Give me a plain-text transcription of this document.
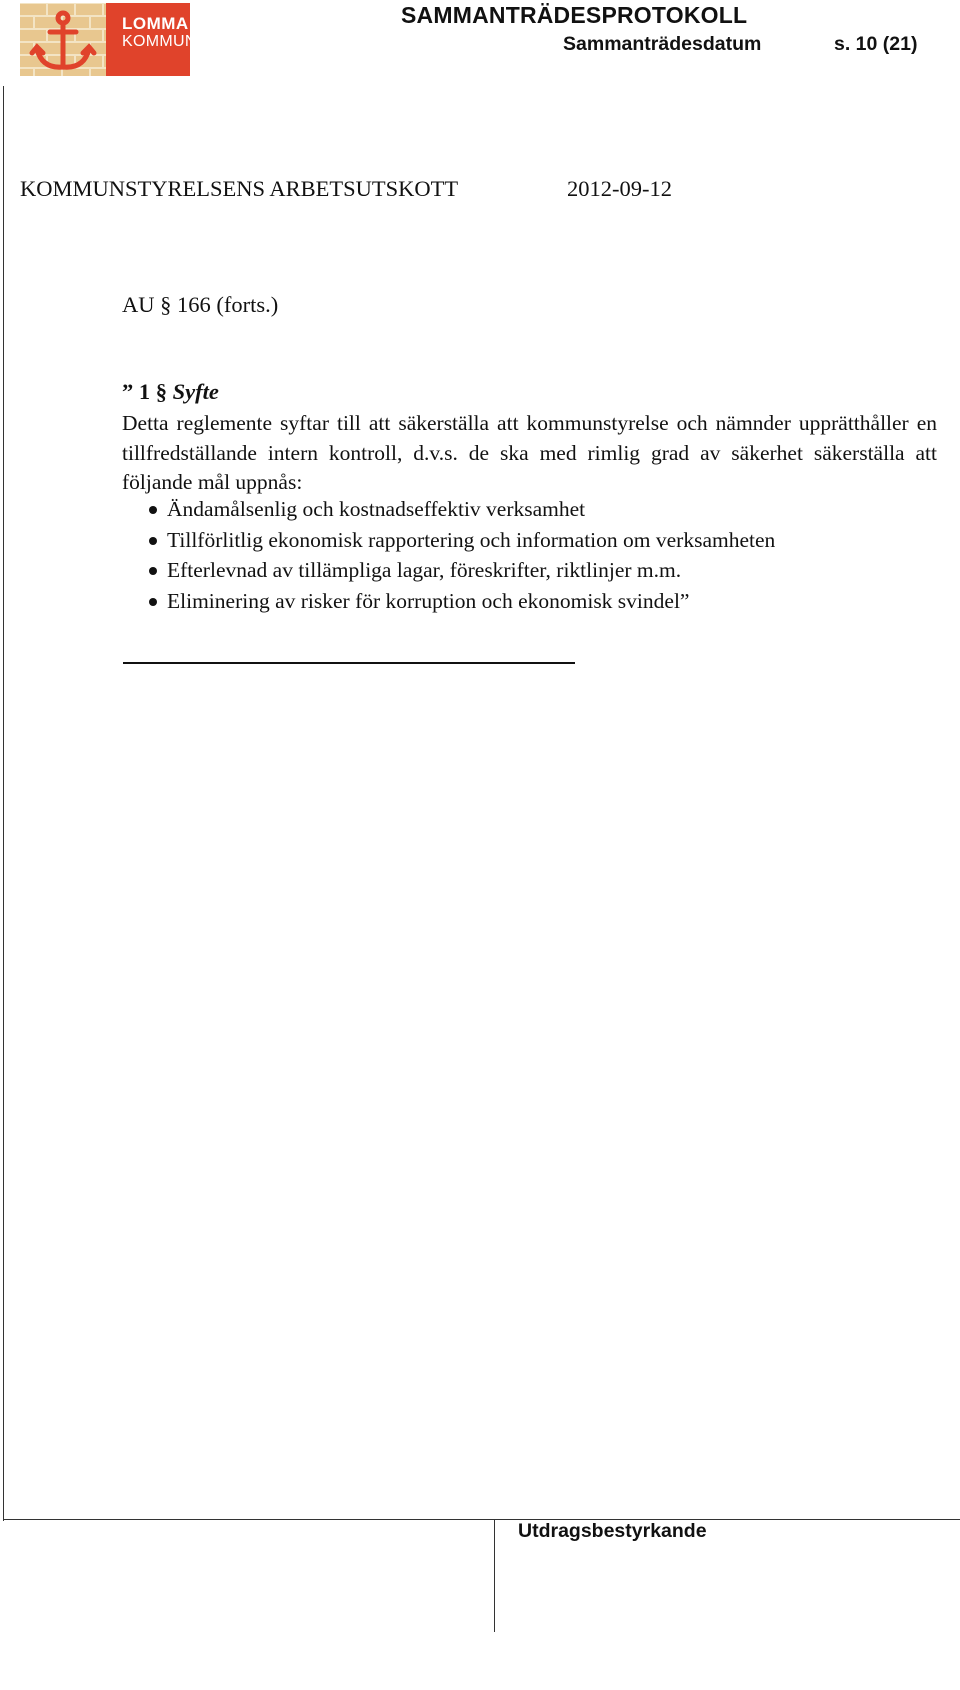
LOMMA
KOMMUN
SAMMANTRÄDESPROTOKOLL
Sammanträdesdatum	s. 10 (21)
Utdragsbestyrkande
KOMMUNSTYRELSENS ARBETSUTSKOTT	2012-09-12
AU § 166 (forts.)
” 1 § Syfte
Detta reglemente syftar till att säkerställa att kommunstyrelse och nämnder upprätthåller en tillfredställande intern kontroll, d.v.s. de ska med rimlig grad av säkerhet säkerställa att följande mål uppnås:
Ändamålsenlig och kostnadseffektiv verksamhet
Tillförlitlig ekonomisk rapportering och information om verksamheten
Efterlevnad av tillämpliga lagar, föreskrifter, riktlinjer m.m.
Eliminering av risker för korruption och ekonomisk svindel”
